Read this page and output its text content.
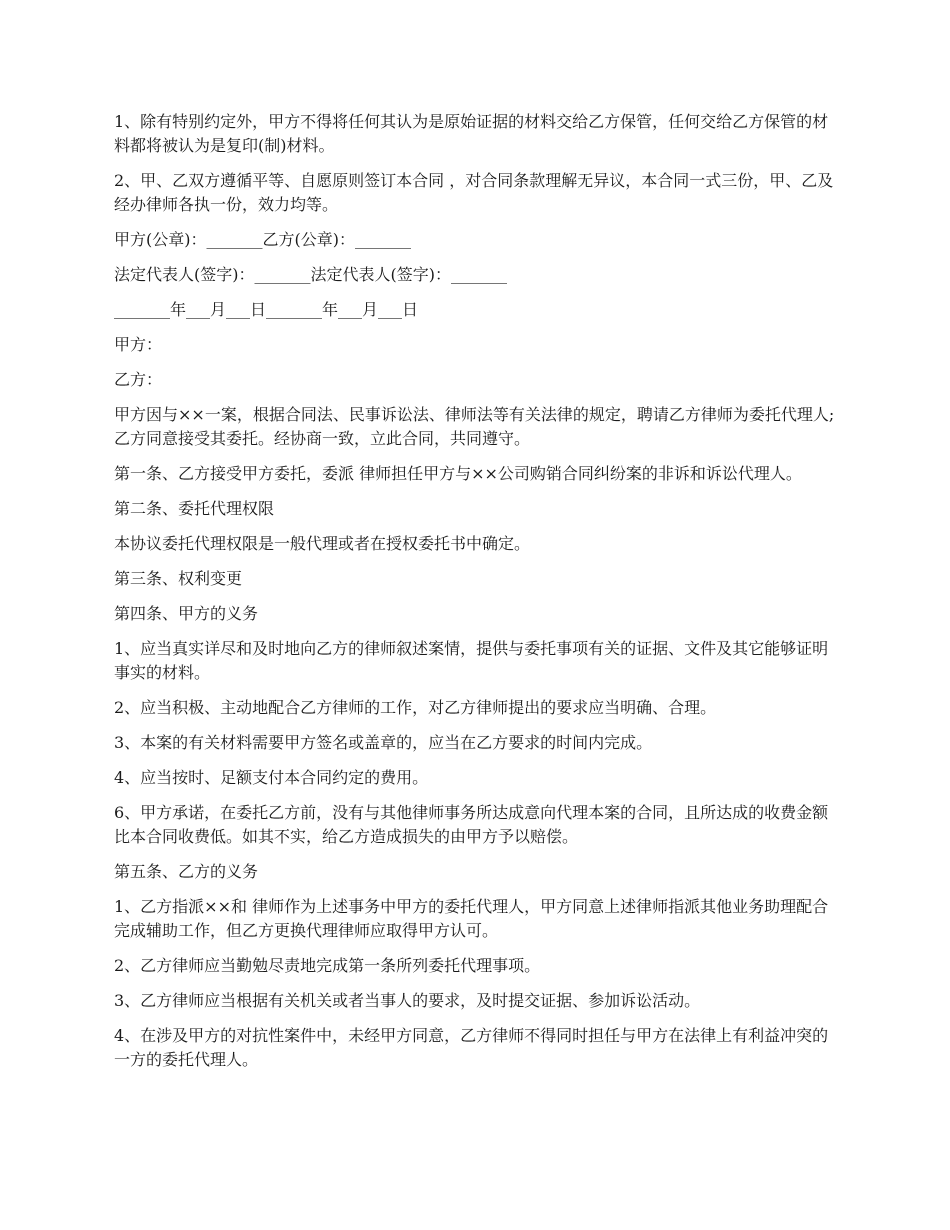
1、除有特别约定外，甲方不得将任何其认为是原始证据的材料交给乙方保管，任何交给乙方保管的材料都将被认为是复印(制)材料。

2、甲、乙双方遵循平等、自愿原则签订本合同 ，对合同条款理解无异议，本合同一式三份，甲、乙及经办律师各执一份，效力均等。

甲方(公章)：_______乙方(公章)：_______

法定代表人(签字)：_______法定代表人(签字)：_______

_______年___月___日_______年___月___日

甲方：

乙方：

甲方因与××一案，根据合同法、民事诉讼法、律师法等有关法律的规定，聘请乙方律师为委托代理人;乙方同意接受其委托。经协商一致，立此合同，共同遵守。

第一条、乙方接受甲方委托，委派 律师担任甲方与××公司购销合同纠纷案的非诉和诉讼代理人。

第二条、委托代理权限

本协议委托代理权限是一般代理或者在授权委托书中确定。

第三条、权利变更

第四条、甲方的义务

1、应当真实详尽和及时地向乙方的律师叙述案情，提供与委托事项有关的证据、文件及其它能够证明事实的材料。

2、应当积极、主动地配合乙方律师的工作，对乙方律师提出的要求应当明确、合理。

3、本案的有关材料需要甲方签名或盖章的，应当在乙方要求的时间内完成。

4、应当按时、足额支付本合同约定的费用。

6、甲方承诺，在委托乙方前，没有与其他律师事务所达成意向代理本案的合同，且所达成的收费金额比本合同收费低。如其不实，给乙方造成损失的由甲方予以赔偿。

第五条、乙方的义务

1、乙方指派××和 律师作为上述事务中甲方的委托代理人，甲方同意上述律师指派其他业务助理配合完成辅助工作，但乙方更换代理律师应取得甲方认可。

2、乙方律师应当勤勉尽责地完成第一条所列委托代理事项。

3、乙方律师应当根据有关机关或者当事人的要求，及时提交证据、参加诉讼活动。

4、在涉及甲方的对抗性案件中，未经甲方同意，乙方律师不得同时担任与甲方在法律上有利益冲突的一方的委托代理人。
